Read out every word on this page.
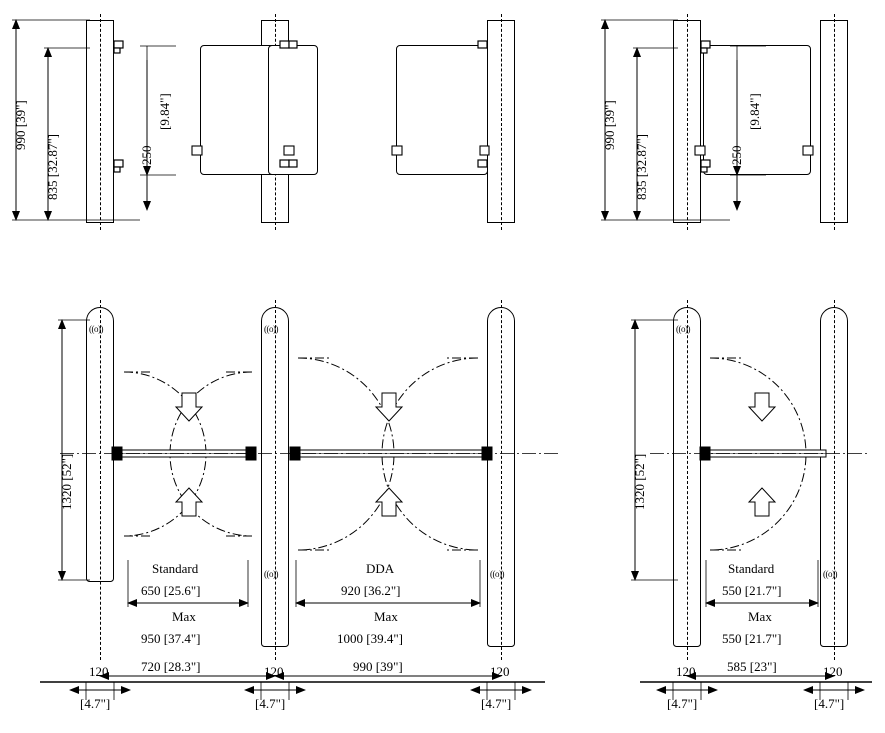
990 [39"]
835 [32.87"]	250
[9.84"]	990 [39"]
835 [32.87"]	250
[9.84"]
((o))	((o))
((o))	((o))
1320 [52"]
Standard
650 [25.6"]
Max
950 [37.4"]
720 [28.3"]
DDA
920 [36.2"]
Max
1000 [39.4"]
990 [39"]
120
[4.7"]
120
[4.7"]
120
[4.7"]
((o))
((o))
1320 [52"]
Standard
550 [21.7"]
Max
550 [21.7"]
585 [23"]
120
[4.7"]
120
[4.7"]
